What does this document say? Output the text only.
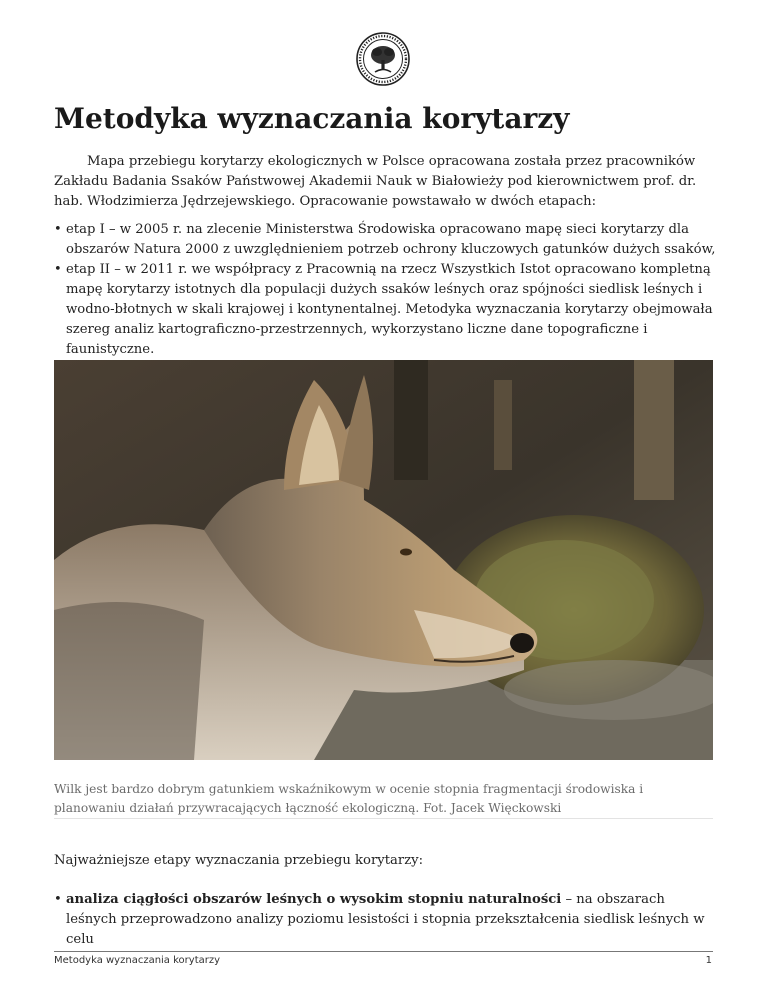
Metodyka wyznaczania korytarzy

Mapa przebiegu korytarzy ekologicznych w Polsce opracowana została przez pracowników Zakładu Badania Ssaków Państwowej Akademii Nauk w Białowieży pod kierownictwem prof. dr. hab. Włodzimierza Jędrzejewskiego. Opracowanie powstawało w dwóch etapach:

• etap I – w 2005 r. na zlecenie Ministerstwa Środowiska opracowano mapę sieci korytarzy dla obszarów Natura 2000 z uwzględnieniem potrzeb ochrony kluczowych gatunków dużych ssaków,
• etap II – w 2011 r. we współpracy z Pracownią na rzecz Wszystkich Istot opracowano kompletną mapę korytarzy istotnych dla populacji dużych ssaków leśnych oraz spójności siedlisk leśnych i wodno-błotnych w skali krajowej i kontynentalnej. Metodyka wyznaczania korytarzy obejmowała szereg analiz kartograficzno-przestrzennych, wykorzystano liczne dane topograficzne i faunistyczne.

Wilk jest bardzo dobrym gatunkiem wskaźnikowym w ocenie stopnia fragmentacji środowiska i planowaniu działań przywracających łączność ekologiczną. Fot. Jacek Więckowski

Najważniejsze etapy wyznaczania przebiegu korytarzy:

• analiza ciągłości obszarów leśnych o wysokim stopniu naturalności – na obszarach leśnych przeprowadzono analizy poziomu lesistości i stopnia przekształcenia siedlisk leśnych w celu
Metodyka wyznaczania korytarzy	1
